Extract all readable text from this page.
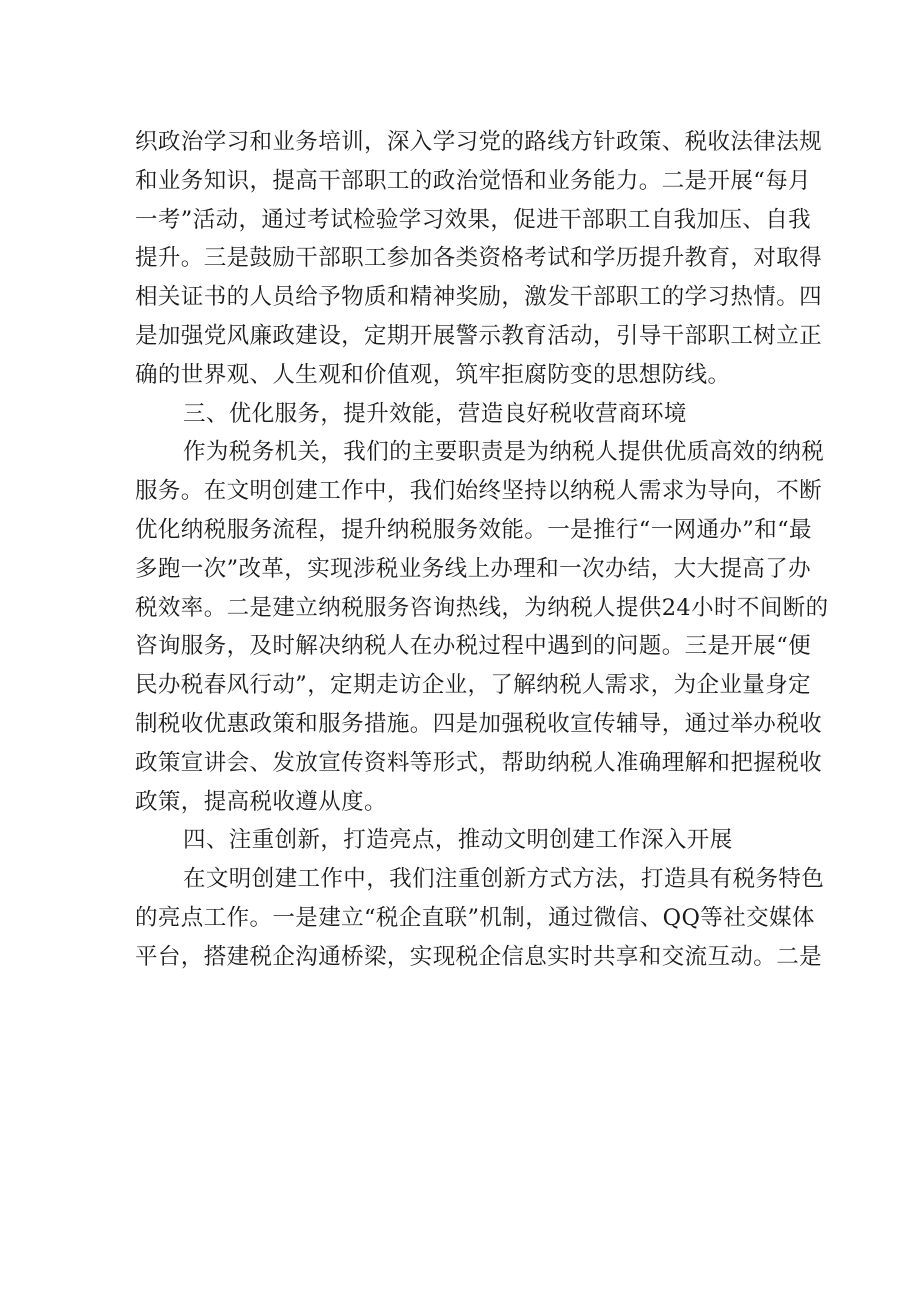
织政治学习和业务培训，深入学习党的路线方针政策、税收法律法规
和业务知识，提高干部职工的政治觉悟和业务能力。二是开展“每月
一考”活动，通过考试检验学习效果，促进干部职工自我加压、自我
提升。三是鼓励干部职工参加各类资格考试和学历提升教育，对取得
相关证书的人员给予物质和精神奖励，激发干部职工的学习热情。四
是加强党风廉政建设，定期开展警示教育活动，引导干部职工树立正
确的世界观、人生观和价值观，筑牢拒腐防变的思想防线。

三、优化服务，提升效能，营造良好税收营商环境

作为税务机关，我们的主要职责是为纳税人提供优质高效的纳税
服务。在文明创建工作中，我们始终坚持以纳税人需求为导向，不断
优化纳税服务流程，提升纳税服务效能。一是推行“一网通办”和“最
多跑一次”改革，实现涉税业务线上办理和一次办结，大大提高了办
税效率。二是建立纳税服务咨询热线，为纳税人提供24小时不间断的
咨询服务，及时解决纳税人在办税过程中遇到的问题。三是开展“便
民办税春风行动”，定期走访企业，了解纳税人需求，为企业量身定
制税收优惠政策和服务措施。四是加强税收宣传辅导，通过举办税收
政策宣讲会、发放宣传资料等形式，帮助纳税人准确理解和把握税收
政策，提高税收遵从度。

四、注重创新，打造亮点，推动文明创建工作深入开展

在文明创建工作中，我们注重创新方式方法，打造具有税务特色
的亮点工作。一是建立“税企直联”机制，通过微信、QQ等社交媒体
平台，搭建税企沟通桥梁，实现税企信息实时共享和交流互动。二是
